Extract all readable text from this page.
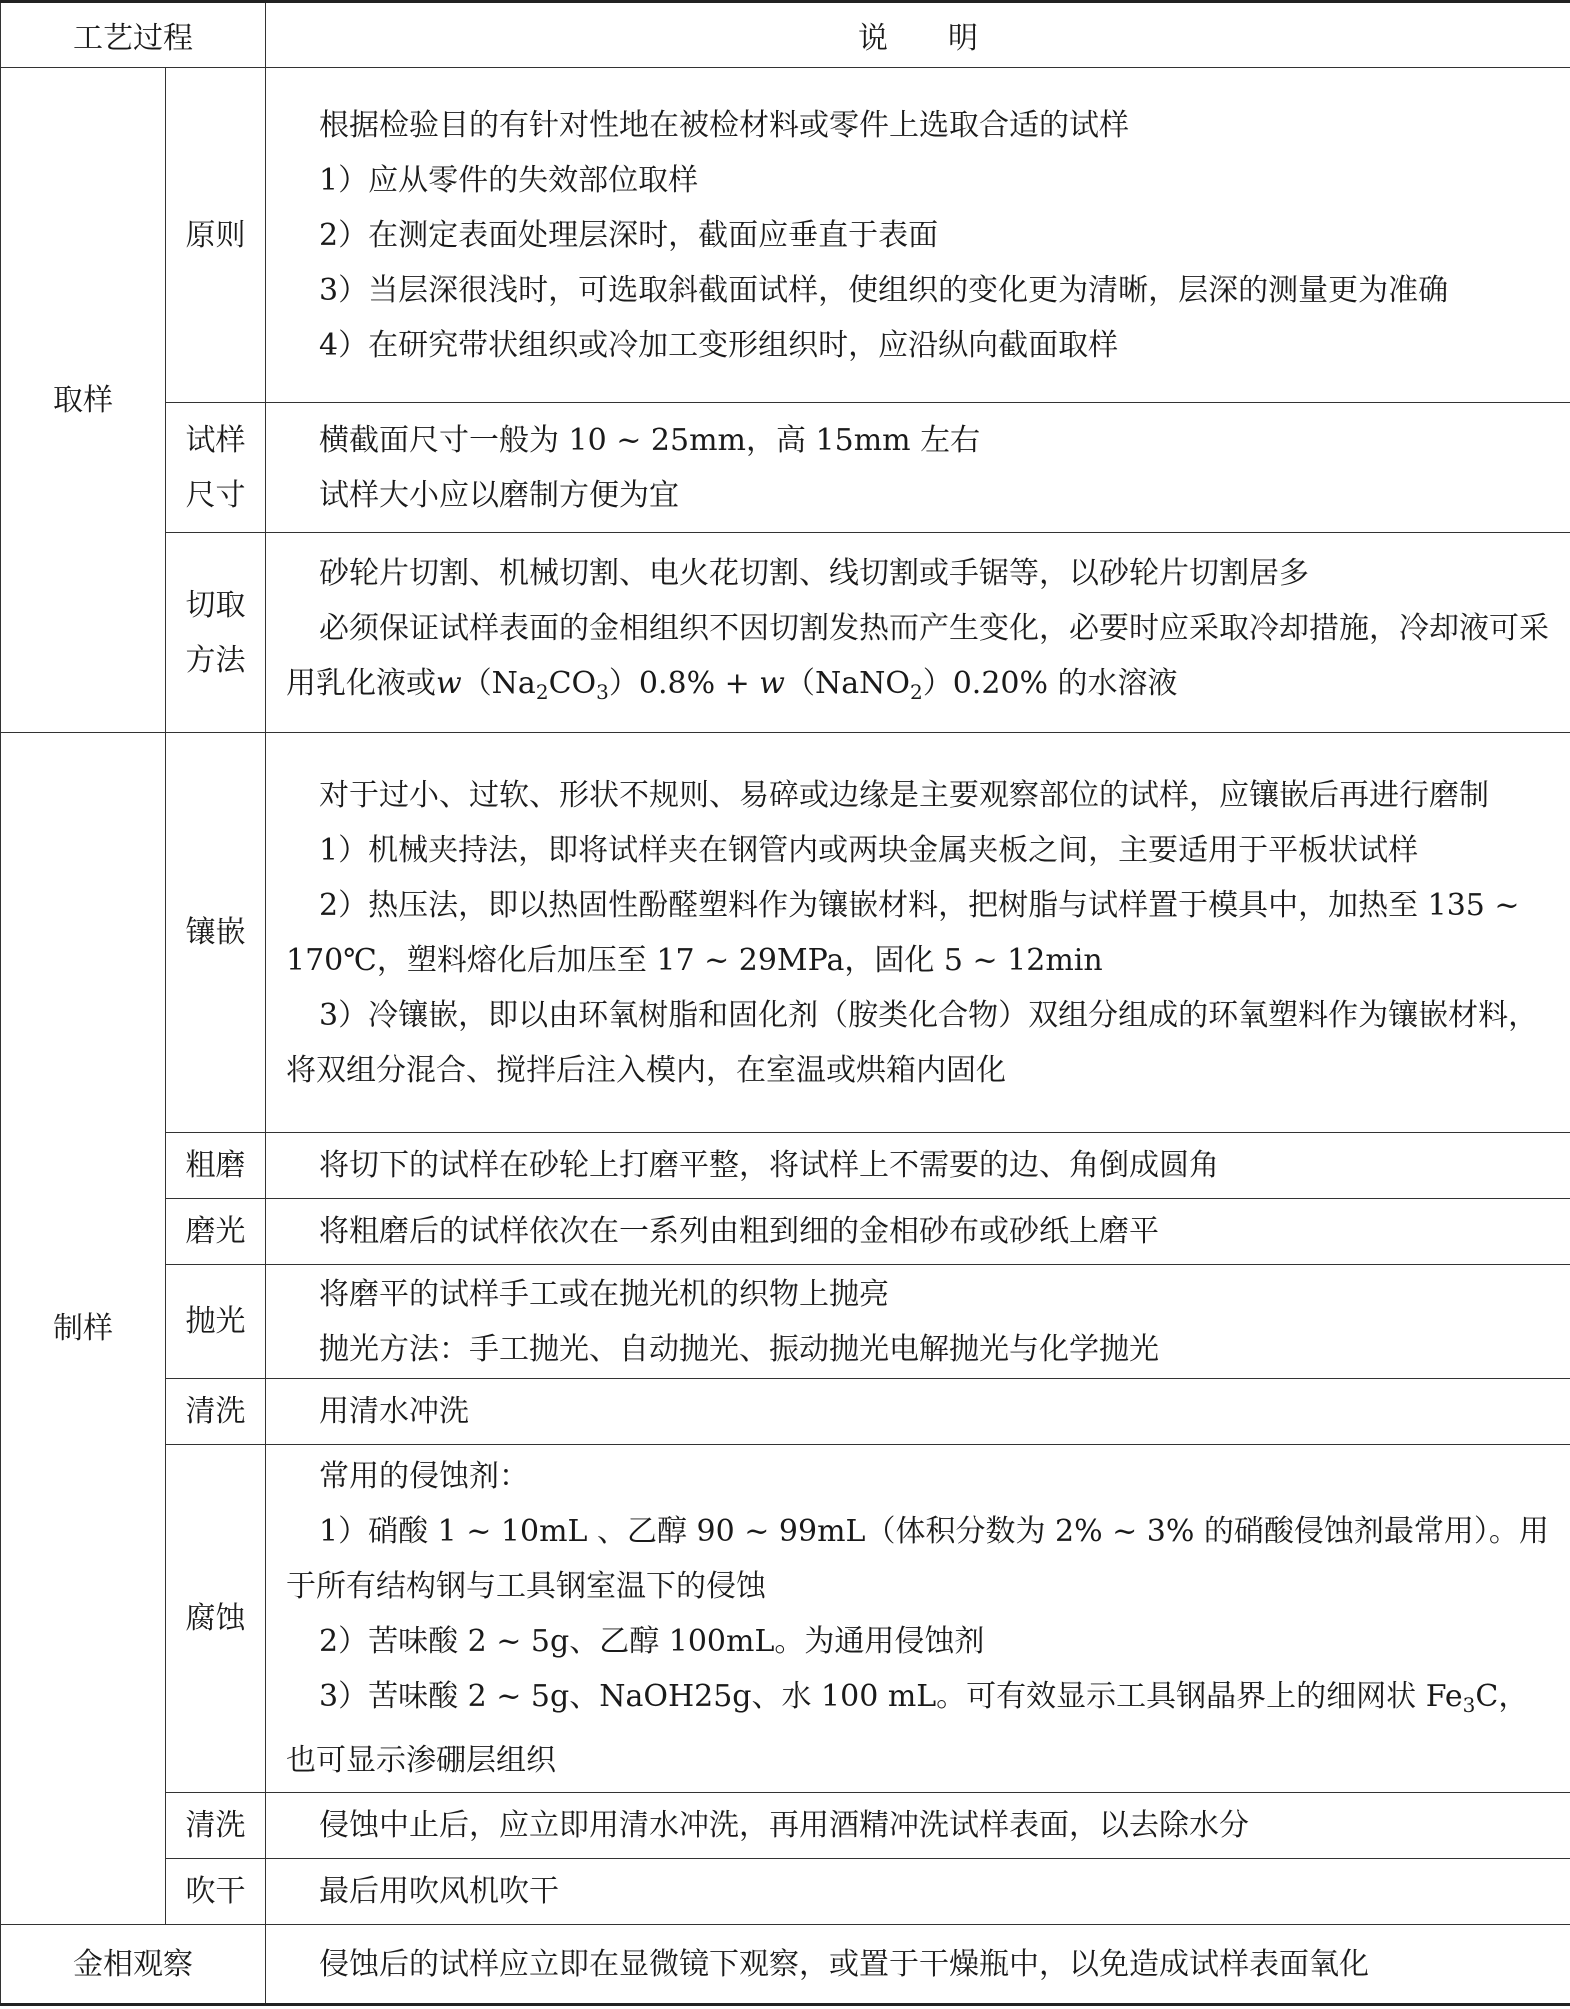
工艺过程		说　　明
取样	原则	根据检验目的有针对性地在被检材料或零件上选取合适的试样

1）应从零件的失效部位取样

2）在测定表面处理层深时，截面应垂直于表面

3）当层深很浅时，可选取斜截面试样，使组织的变化更为清晰，层深的测量更为准确

4）在研究带状组织或冷加工变形组织时，应沿纵向截面取样

	试样尺寸	横截面尺寸一般为 10 ~ 25mm，高 15mm 左右

试样大小应以磨制方便为宜

	切取方法	砂轮片切割、机械切割、电火花切割、线切割或手锯等，以砂轮片切割居多

必须保证试样表面的金相组织不因切割发热而产生变化，必要时应采取冷却措施，冷却液可采用乳化液或$w(Na_2CO_3)0.8\%$ + w（NaNO$_2$）0.20% 的水溶液

制样	镶嵌	对于过小、过软、形状不规则、易碎或边缘是主要观察部位的试样，应镶嵌后再进行磨制

1）机械夹持法，即将试样夹在钢管内或两块金属夹板之间，主要适用于平板状试样

2）热压法，即以热固性酚醛塑料作为镶嵌材料，把树脂与试样置于模具中，加热至 135 ~ 170℃，塑料熔化后加压至 17 ~ 29MPa，固化 5 ~ 12min

3）冷镶嵌，即以由环氧树脂和固化剂（胺类化合物）双组分组成的环氧塑料作为镶嵌材料，将双组分混合、搅拌后注入模内，在室温或烘箱内固化

	粗磨	将切下的试样在砂轮上打磨平整，将试样上不需要的边、角倒成圆角

	磨光	将粗磨后的试样依次在一系列由粗到细的金相砂布或砂纸上磨平

	抛光	将磨平的试样手工或在抛光机的织物上抛亮

抛光方法：手工抛光、自动抛光、振动抛光电解抛光与化学抛光

	清洗	用清水冲洗

	腐蚀	常用的侵蚀剂：

1）硝酸 1 ~ 10mL 、乙醇 90 ~ 99mL（体积分数为 2% ~ 3% 的硝酸侵蚀剂最常用）。用于所有结构钢与工具钢室温下的侵蚀

2）苦味酸 2 ~ 5g、乙醇 100mL。为通用侵蚀剂

3）苦味酸 2 ~ 5g、NaOH25g、水 100 mL。可有效显示工具钢晶界上的细网状 $Fe_3C$，也可显示渗硼层组织

	清洗	侵蚀中止后，应立即用清水冲洗，再用酒精冲洗试样表面，以去除水分

	吹干	最后用吹风机吹干

金相观察		侵蚀后的试样应立即在显微镜下观察，或置于干燥瓶中，以免造成试样表面氧化
